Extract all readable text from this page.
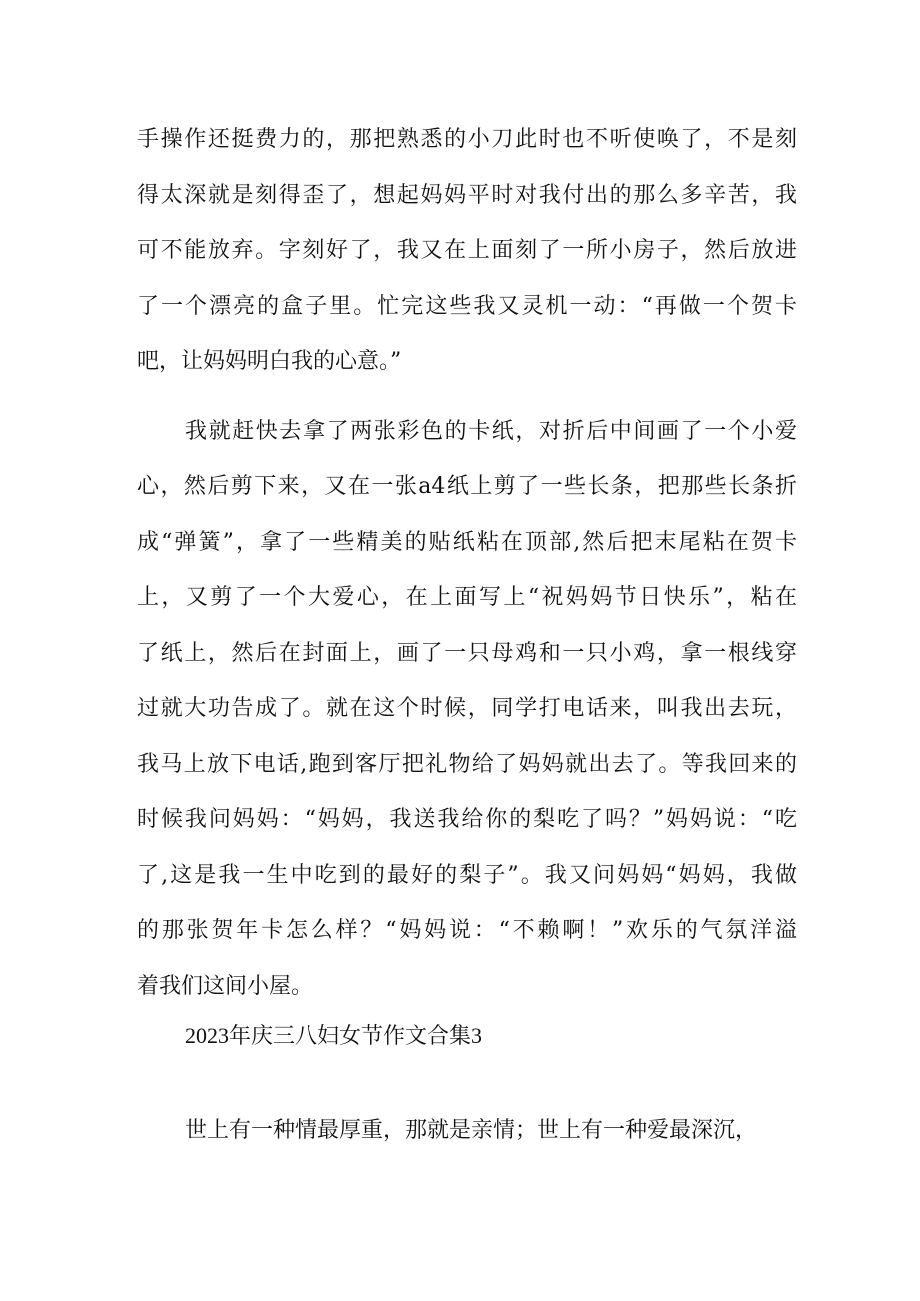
手操作还挺费力的，那把熟悉的小刀此时也不听使唤了，不是刻
得太深就是刻得歪了，想起妈妈平时对我付出的那么多辛苦，我
可不能放弃。字刻好了，我又在上面刻了一所小房子，然后放进
了一个漂亮的盒子里。忙完这些我又灵机一动：“再做一个贺卡
吧，让妈妈明白我的心意。”
我就赶快去拿了两张彩色的卡纸，对折后中间画了一个小爱
心，然后剪下来，又在一张a4纸上剪了一些长条，把那些长条折
成“弹簧”，拿了一些精美的贴纸粘在顶部,然后把末尾粘在贺卡
上，又剪了一个大爱心，在上面写上“祝妈妈节日快乐”，粘在
了纸上，然后在封面上，画了一只母鸡和一只小鸡，拿一根线穿
过就大功告成了。就在这个时候，同学打电话来，叫我出去玩，
我马上放下电话,跑到客厅把礼物给了妈妈就出去了。等我回来的
时候我问妈妈：“妈妈，我送我给你的梨吃了吗？”妈妈说：“吃
了,这是我一生中吃到的最好的梨子”。我又问妈妈“妈妈，我做
的那张贺年卡怎么样？“妈妈说：“不赖啊！”欢乐的气氛洋溢
着我们这间小屋。
2023年庆三八妇女节作文合集3
世上有一种情最厚重，那就是亲情；世上有一种爱最深沉，
